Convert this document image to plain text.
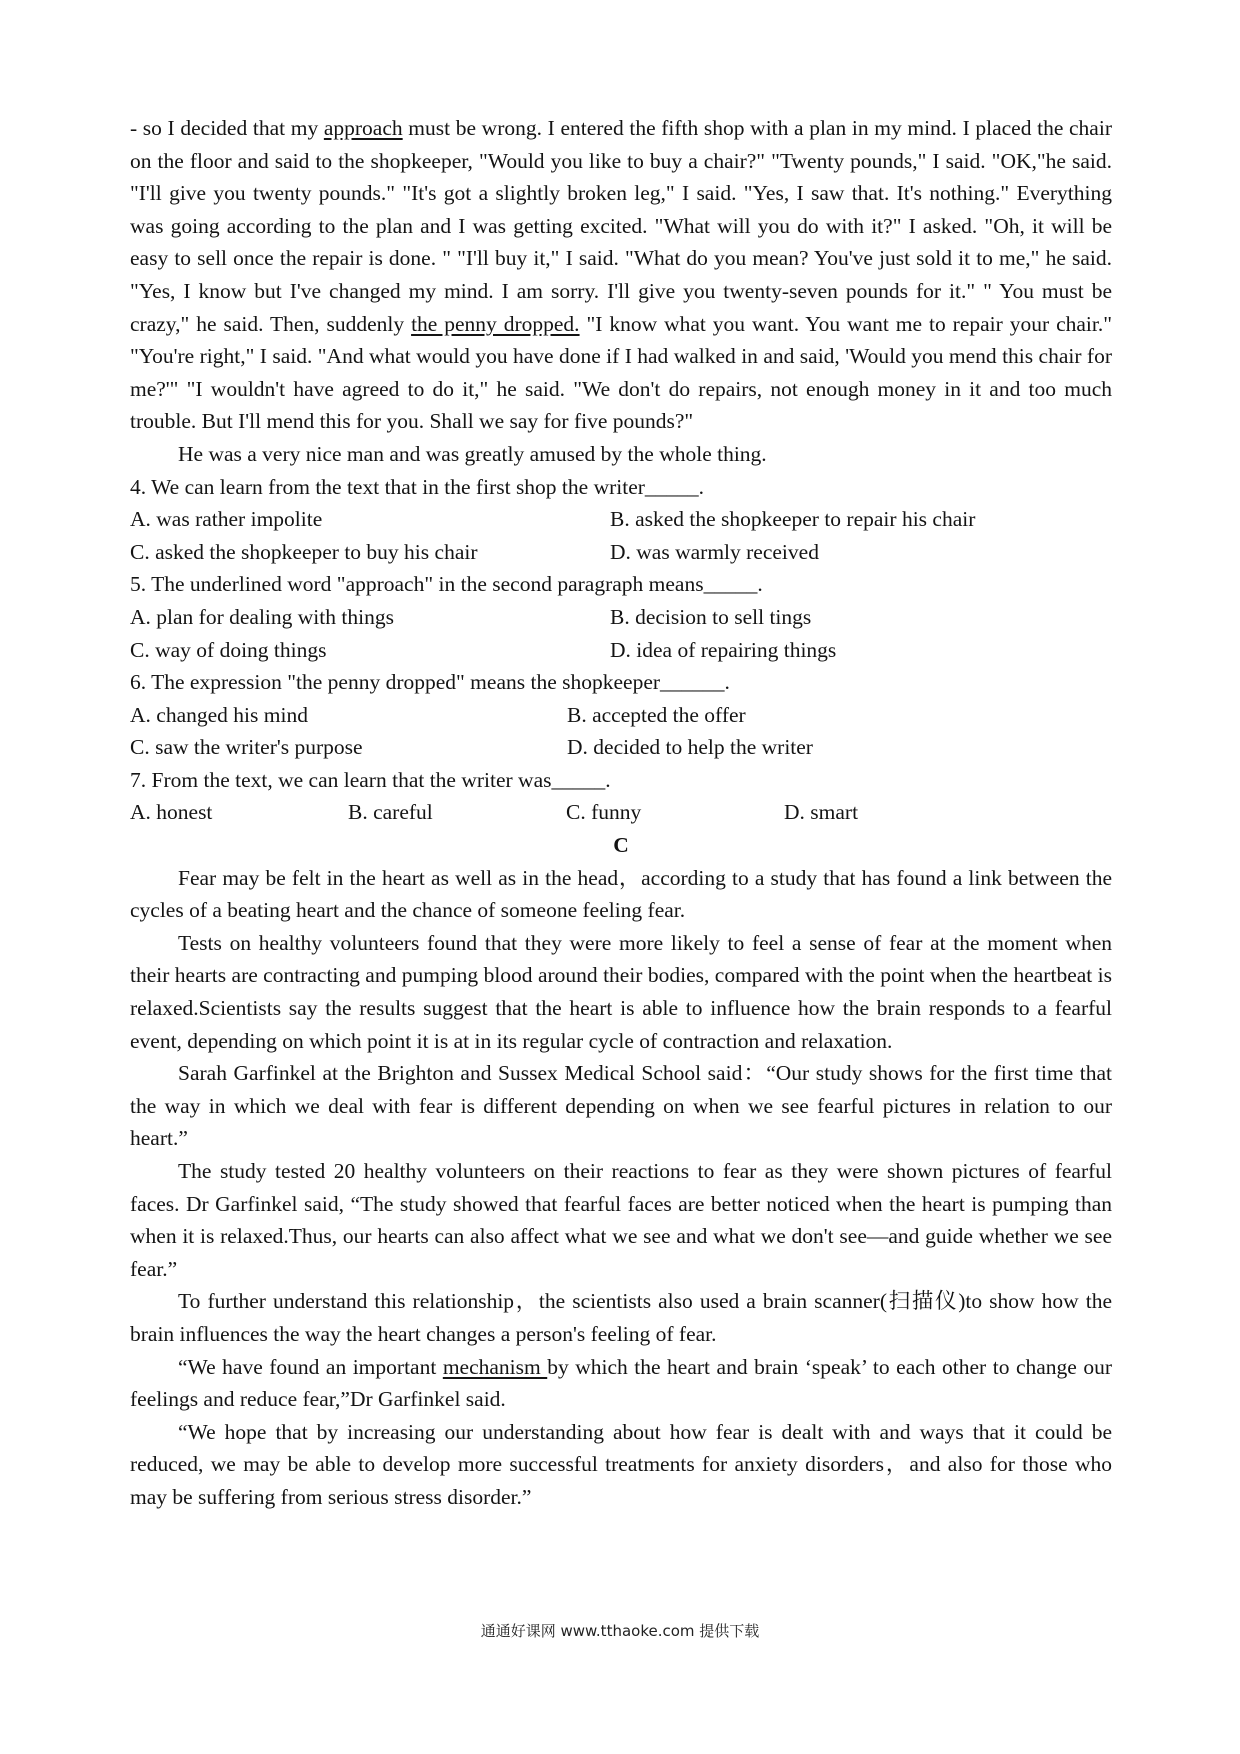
- so I decided that my approach must be wrong. I entered the fifth shop with a plan in my mind. I placed the chair on the floor and said to the shopkeeper, "Would you like to buy a chair?" "Twenty pounds," I said. "OK,"he said. "I'll give you twenty pounds." "It's got a slightly broken leg," I said. "Yes, I saw that. It's nothing." Everything was going according to the plan and I was getting excited. "What will you do with it?" I asked. "Oh, it will be easy to sell once the repair is done. " "I'll buy it," I said. "What do you mean? You've just sold it to me," he said. "Yes, I know but I've changed my mind. I am sorry. I'll give you twenty-seven pounds for it." " You must be crazy," he said. Then, suddenly the penny dropped. "I know what you want. You want me to repair your chair." "You're right," I said. "And what would you have done if I had walked in and said, 'Would you mend this chair for me?'" "I wouldn't have agreed to do it," he said. "We don't do repairs, not enough money in it and too much trouble. But I'll mend this for you. Shall we say for five pounds?"

He was a very nice man and was greatly amused by the whole thing.

4. We can learn from the text that in the first shop the writer_____.

A. was rather impolite	B. asked the shopkeeper to repair his chair
C. asked the shopkeeper to buy his chair	D. was warmly received

5. The underlined word "approach" in the second paragraph means_____.

A. plan for dealing with things	B. decision to sell tings
C. way of doing things	D. idea of repairing things

6. The expression "the penny dropped" means the shopkeeper______.

A. changed his mind	B. accepted the offer
C. saw the writer's purpose	D. decided to help the writer

7. From the text, we can learn that the writer was_____.

A. honest	B. careful	C. funny	D. smart

C

Fear may be felt in the heart as well as in the head，according to a study that has found a link between the cycles of a beating heart and the chance of someone feeling fear.

Tests on healthy volunteers found that they were more likely to feel a sense of fear at the moment when their hearts are contracting and pumping blood around their bodies, compared with the point when the heartbeat is relaxed.Scientists say the results suggest that the heart is able to influence how the brain responds to a fearful event, depending on which point it is at in its regular cycle of contraction and relaxation.

Sarah Garfinkel at the Brighton and Sussex Medical School said：“Our study shows for the first time that the way in which we deal with fear is different depending on when we see fearful pictures in relation to our heart.”

The study tested 20 healthy volunteers on their reactions to fear as they were shown pictures of fearful faces. Dr Garfinkel said, “The study showed that fearful faces are better noticed when the heart is pumping than when it is relaxed.Thus, our hearts can also affect what we see and what we don't see—and guide whether we see fear.”

To further understand this relationship，the scientists also used a brain scanner(扫描仪)to show how the brain influences the way the heart changes a person's feeling of fear.

“We have found an important mechanism by which the heart and brain ‘speak’ to each other to change our feelings and reduce fear,”Dr Garfinkel said.

“We hope that by increasing our understanding about how fear is dealt with and ways that it could be reduced, we may be able to develop more successful treatments for anxiety disorders，and also for those who may be suffering from serious stress disorder.”

通通好课网 www.tthaoke.com 提供下载
